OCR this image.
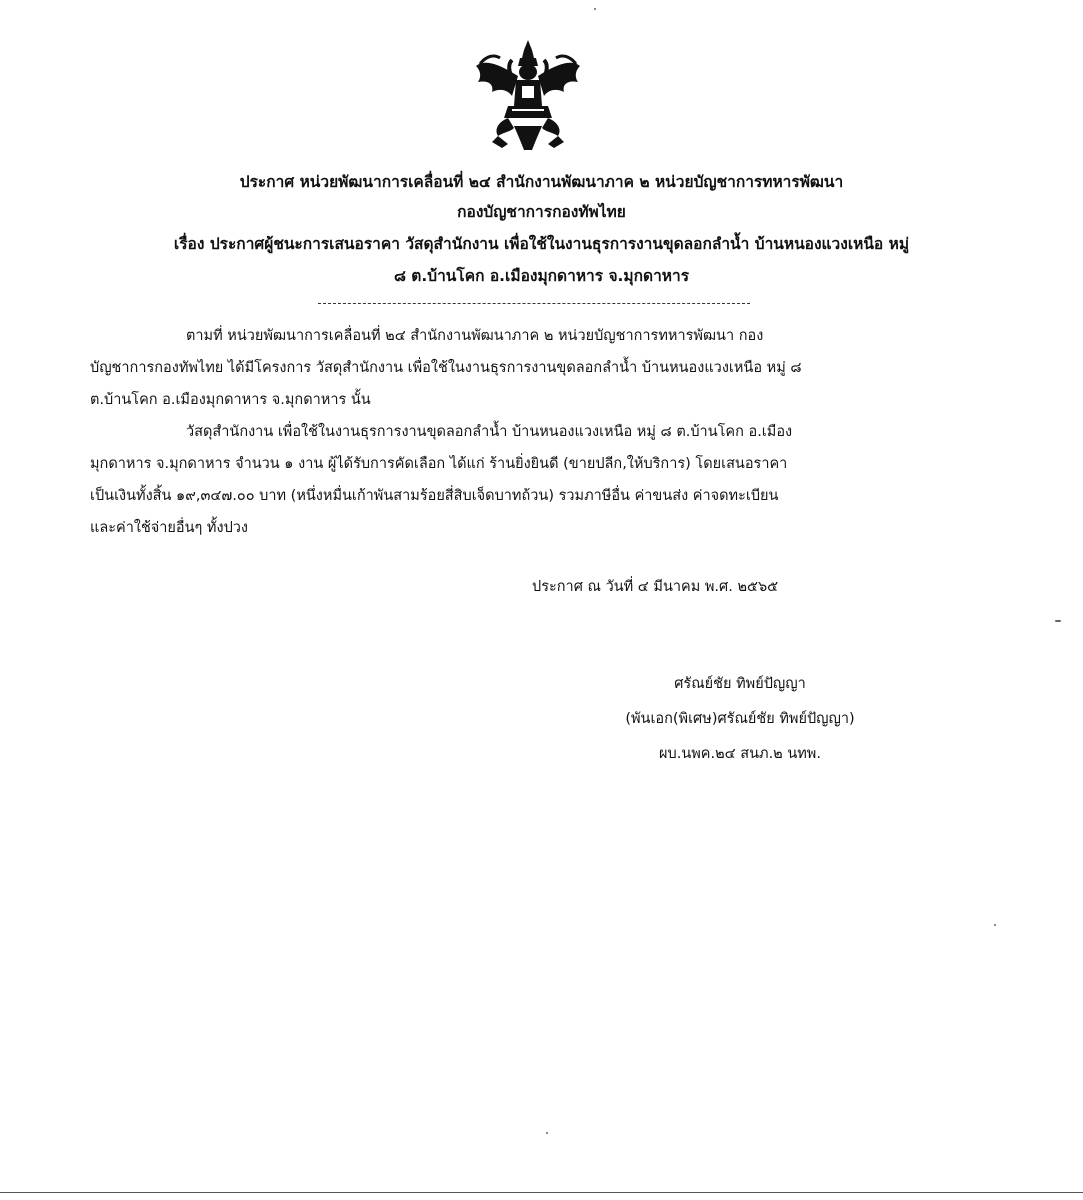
ประกาศ หน่วยพัฒนาการเคลื่อนที่ ๒๔ สำนักงานพัฒนาภาค ๒ หน่วยบัญชาการทหารพัฒนา
กองบัญชาการกองทัพไทย
เรื่อง ประกาศผู้ชนะการเสนอราคา วัสดุสำนักงาน เพื่อใช้ในงานธุรการงานขุดลอกลำน้ำ บ้านหนองแวงเหนือ หมู่
๘ ต.บ้านโคก อ.เมืองมุกดาหาร จ.มุกดาหาร
ตามที่ หน่วยพัฒนาการเคลื่อนที่ ๒๔ สำนักงานพัฒนาภาค ๒ หน่วยบัญชาการทหารพัฒนา กอง
บัญชาการกองทัพไทย ได้มีโครงการ วัสดุสำนักงาน เพื่อใช้ในงานธุรการงานขุดลอกลำน้ำ บ้านหนองแวงเหนือ หมู่ ๘
ต.บ้านโคก อ.เมืองมุกดาหาร จ.มุกดาหาร นั้น
วัสดุสำนักงาน เพื่อใช้ในงานธุรการงานขุดลอกลำน้ำ บ้านหนองแวงเหนือ หมู่ ๘ ต.บ้านโคก อ.เมือง
มุกดาหาร จ.มุกดาหาร จำนวน ๑ งาน ผู้ได้รับการคัดเลือก ได้แก่ ร้านยิ่งยินดี (ขายปลีก,ให้บริการ) โดยเสนอราคา
เป็นเงินทั้งสิ้น ๑๙,๓๔๗.๐๐ บาท (หนึ่งหมื่นเก้าพันสามร้อยสี่สิบเจ็ดบาทถ้วน) รวมภาษีอื่น ค่าขนส่ง ค่าจดทะเบียน
และค่าใช้จ่ายอื่นๆ ทั้งปวง
ประกาศ ณ วันที่ ๔ มีนาคม พ.ศ. ๒๕๖๕
ศรัณย์ชัย ทิพย์ปัญญา
(พันเอก(พิเศษ)ศรัณย์ชัย ทิพย์ปัญญา)
ผบ.นพค.๒๔ สนภ.๒ นทพ.
